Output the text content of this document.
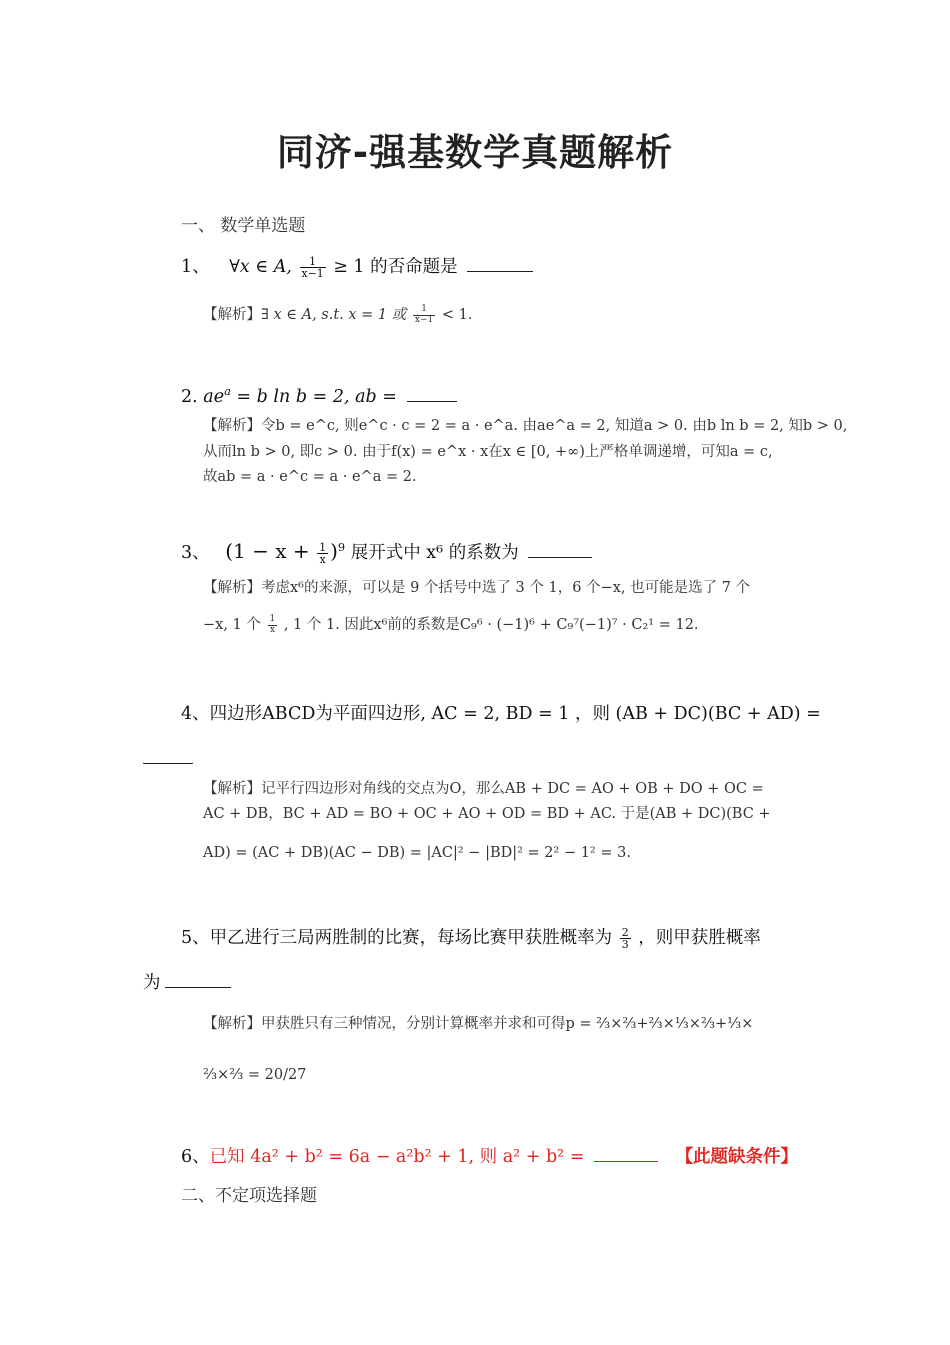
同济-强基数学真题解析
一、 数学单选题
1、 ∀x ∈ A, $\frac{1}{x-1} \ge 1$ 的否命题是
【解析】∃ x ∈ A, s.t. x = 1 或 $\frac{1}{x-1} < 1$.
2. $ae^a = b$ ln b = 2, ab =
【解析】令b = e^c, 则e^c · c = 2 = a · e^a. 由ae^a = 2, 知道a > 0. 由b ln b = 2, 知b > 0,
从而ln b > 0, 即c > 0. 由于f(x) = e^x · x在x ∈ [0, +∞)上严格单调递增，可知a = c,
故ab = a · e^c = a · e^a = 2.
3、 $(1 - x + \frac{1}{x} )^9$ 展开式中 x⁶ 的系数为
【解析】考虑x⁶的来源，可以是 9 个括号中选了 3 个 1，6 个−x, 也可能是选了 7 个
−x, 1 个 $\frac{1}{x}$ , 1 个 1. 因此x⁶前的系数是C₉⁶ · (−1)⁶ + C₉⁷(−1)⁷ · C₂¹ = 12.
4、四边形ABCD为平面四边形, AC = 2, BD = 1 ，则 (AB + DC)(BC + AD) =
【解析】记平行四边形对角线的交点为O，那么AB + DC = AO + OB + DO + OC =
AC + DB，BC + AD = BO + OC + AO + OD = BD + AC. 于是(AB + DC)(BC +
AD) = (AC + DB)(AC − DB) = |AC|² − |BD|² = 2² − 1² = 3.
5、甲乙进行三局两胜制的比赛，每场比赛甲获胜概率为 $\frac{2}{3}$ ，则甲获胜概率
为
【解析】甲获胜只有三种情况，分别计算概率并求和可得p = ⅔×⅔+⅔×⅓×⅔+⅓×
⅔×⅔ = 20/27
6、已知 4a² + b² = 6a − a²b² + 1, 则 a² + b² =	【此题缺条件】
二、不定项选择题
